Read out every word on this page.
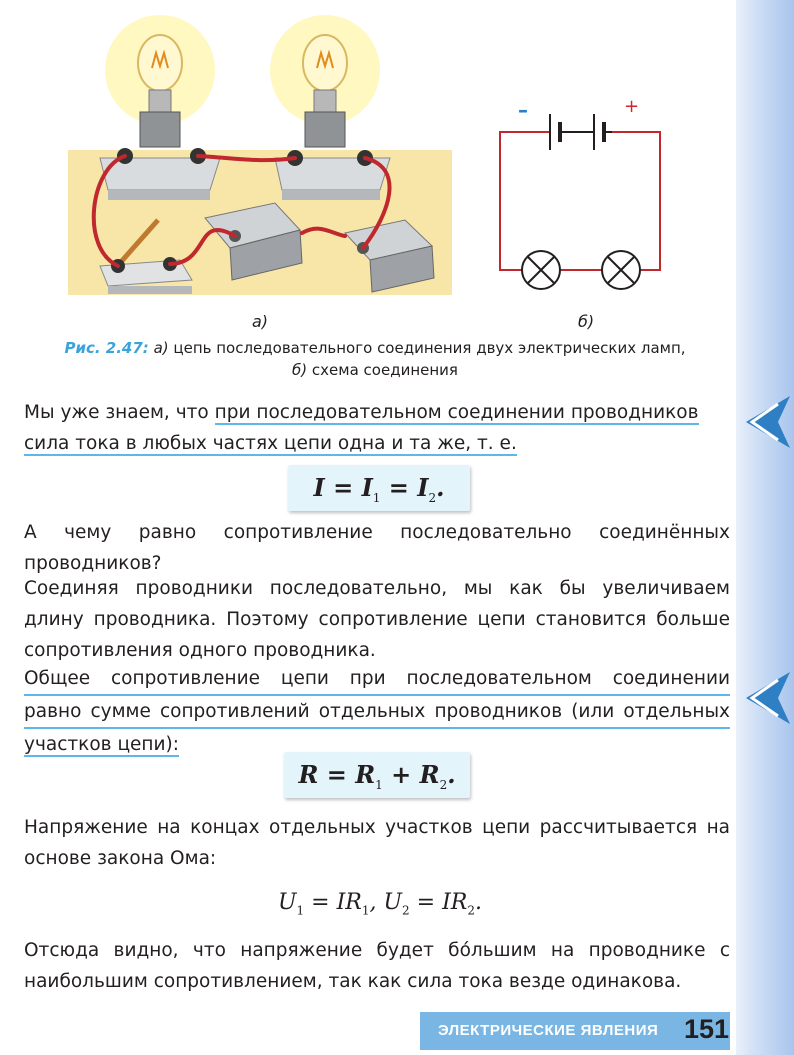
а)
–	+
б)
Рис. 2.47: а) цепь последовательного соединения двух электрических ламп,
б) схема соединения
Мы уже знаем, что при последовательном соединении проводников
сила тока в любых частях цепи одна и та же, т. е.
$I = I_1 = I_2$.
А чему равно сопротивление последовательно соединённых проводников?
Соединяя проводники последовательно, мы как бы увеличиваем длину проводника. Поэтому сопротивление цепи становится больше сопротивления одного проводника.
Общее сопротивление цепи при последовательном соединении
равно сумме сопротивлений отдельных проводников (или отдельных
участков цепи):
$R = R_1 + R_2$.
Напряжение на концах отдельных участков цепи рассчитывается на основе закона Ома:
$U_1 = IR_1$, $U_2 = IR_2$.
Отсюда видно, что напряжение будет бо́льшим на проводнике с наибольшим сопротивлением, так как сила тока везде одинакова.
ЭЛЕКТРИЧЕСКИЕ ЯВЛЕНИЯ 151
